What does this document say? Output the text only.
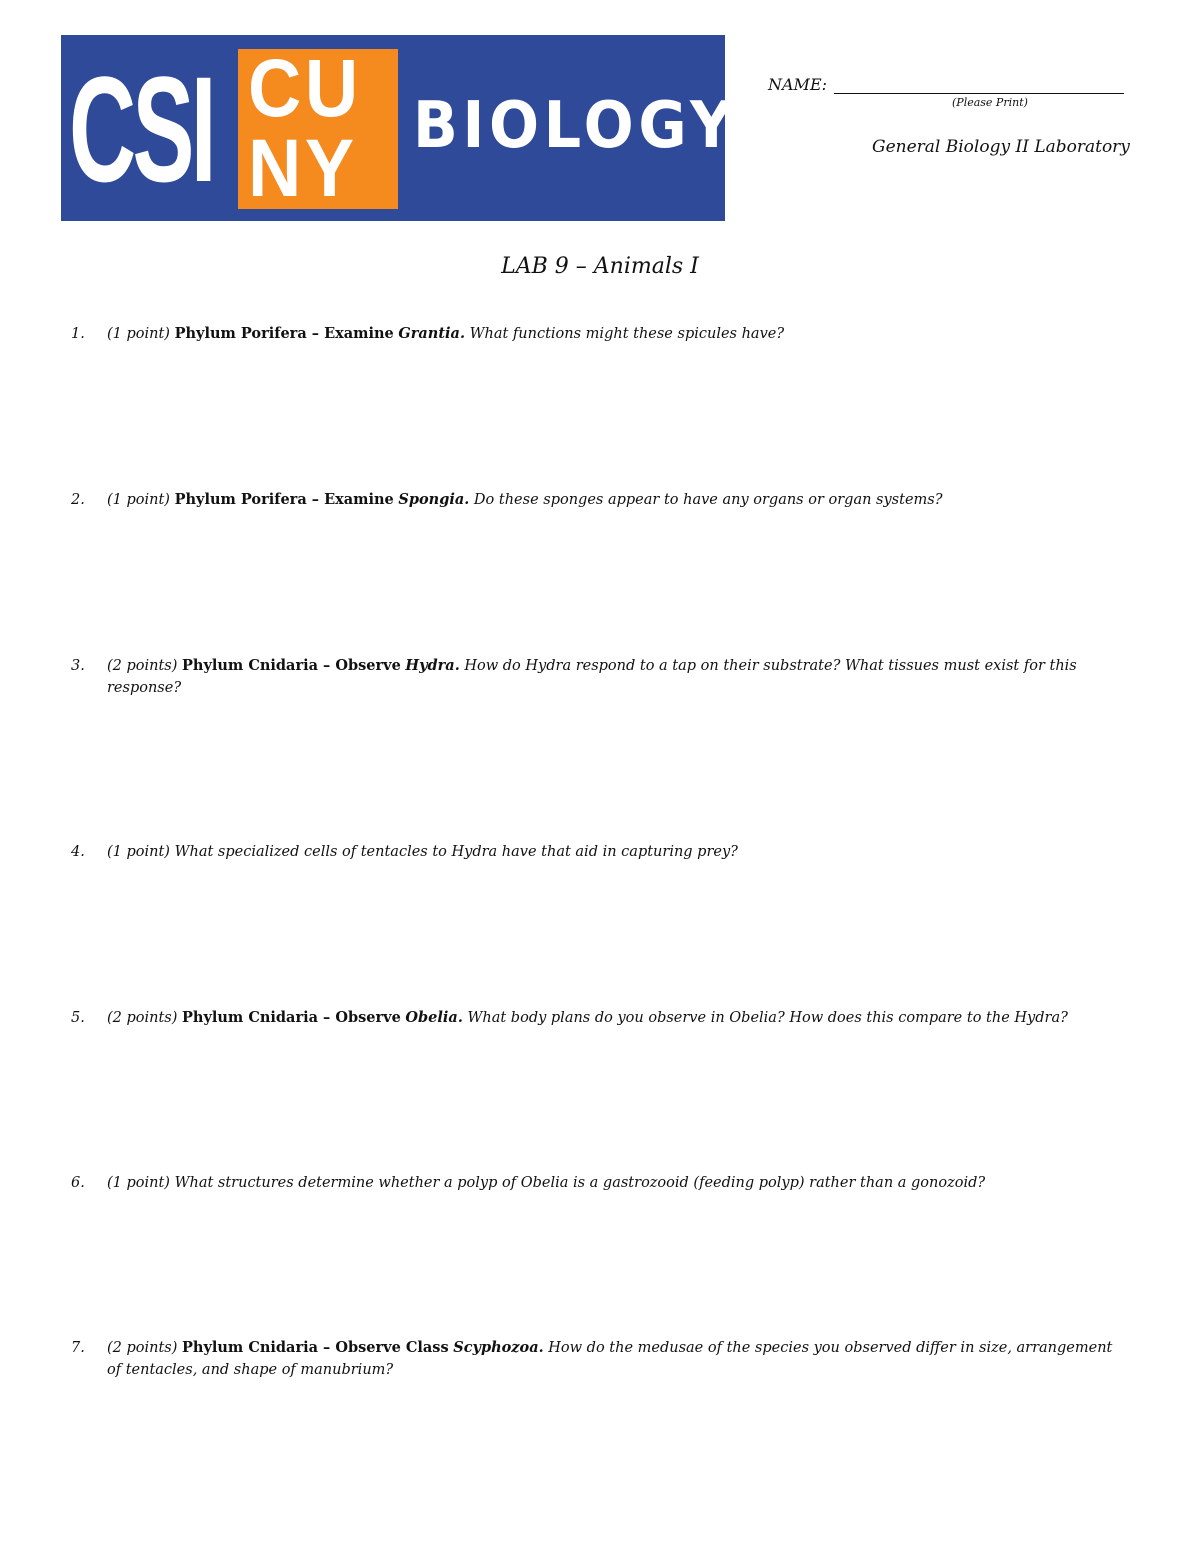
CSI CU
NY BIOLOGY
NAME:
(Please Print)
General Biology II Laboratory
LAB 9 – Animals I
1. (1 point) Phylum Porifera – Examine Grantia. What functions might these spicules have?
2. (1 point) Phylum Porifera – Examine Spongia. Do these sponges appear to have any organs or organ systems?
3. (2 points) Phylum Cnidaria – Observe Hydra. How do Hydra respond to a tap on their substrate? What tissues must exist for this response?
4. (1 point) What specialized cells of tentacles to Hydra have that aid in capturing prey?
5. (2 points) Phylum Cnidaria – Observe Obelia. What body plans do you observe in Obelia? How does this compare to the Hydra?
6. (1 point) What structures determine whether a polyp of Obelia is a gastrozooid (feeding polyp) rather than a gonozoid?
7. (2 points) Phylum Cnidaria – Observe Class Scyphozoa. How do the medusae of the species you observed differ in size, arrangement of tentacles, and shape of manubrium?
